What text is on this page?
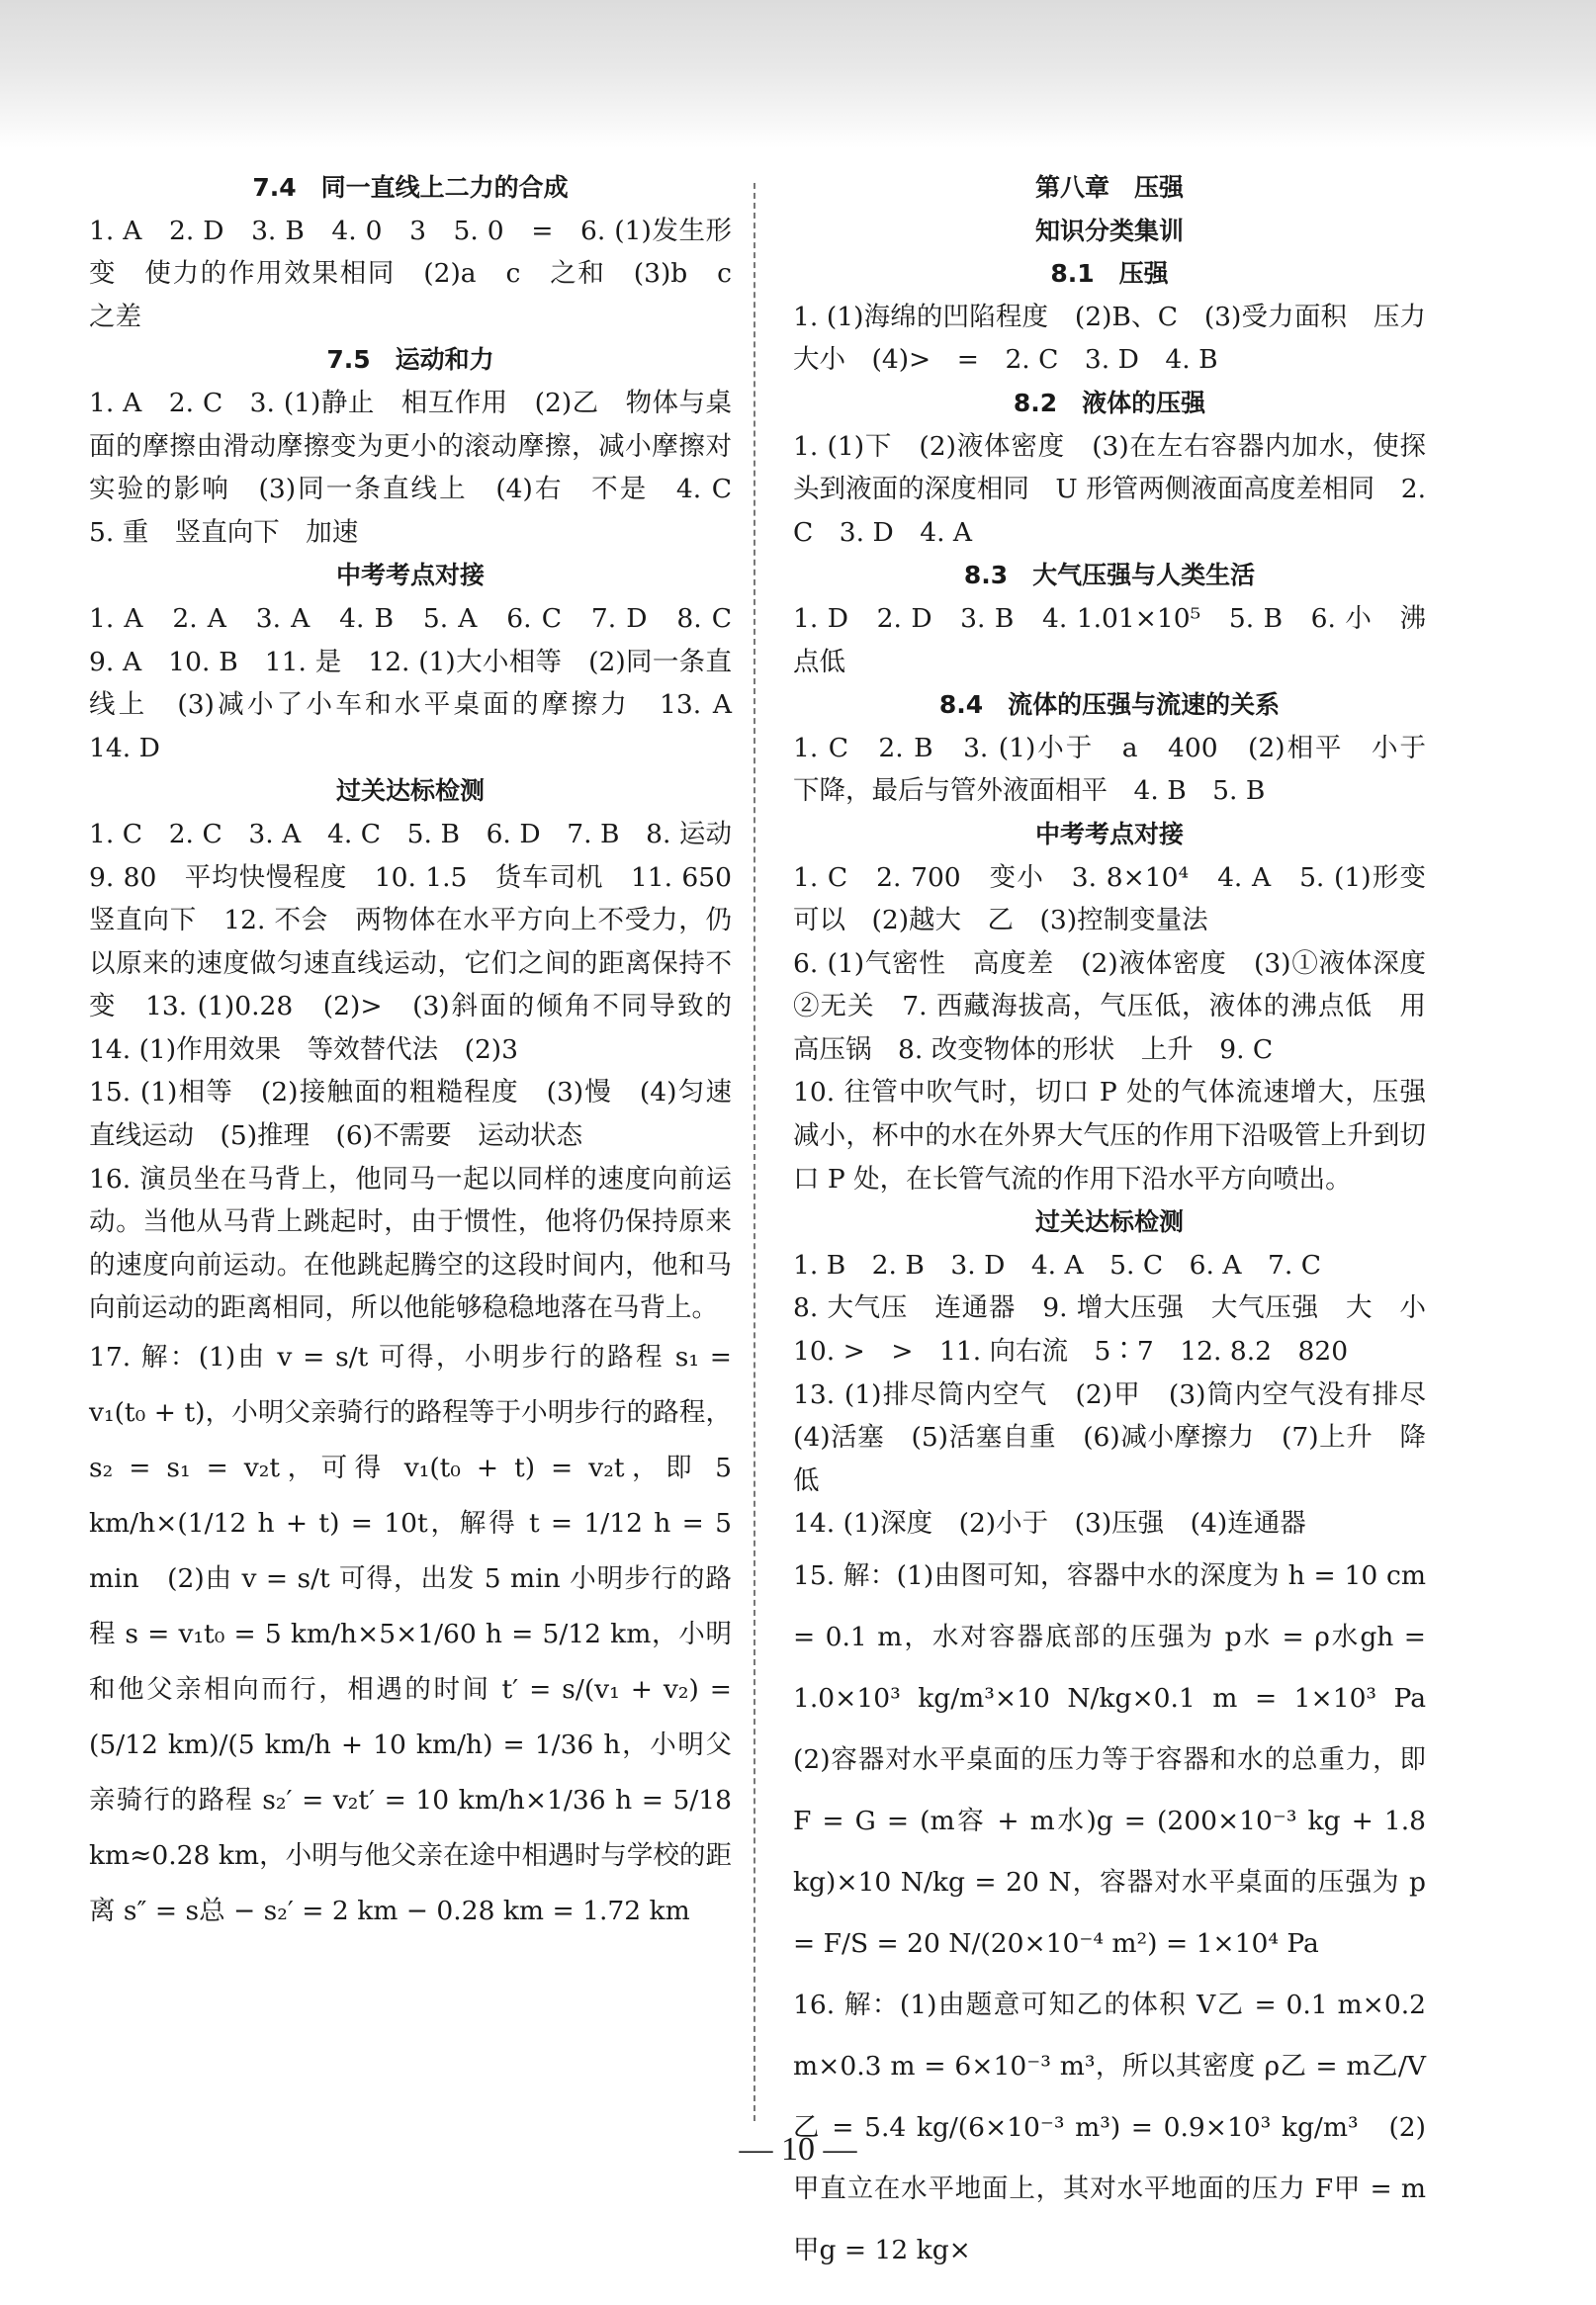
7.4　同一直线上二力的合成
1. A　2. D　3. B　4. 0　3　5. 0　=　6. (1)发生形变　使力的作用效果相同　(2)a　c　之和　(3)b　c　之差
7.5　运动和力
1. A　2. C　3. (1)静止　相互作用　(2)乙　物体与桌面的摩擦由滑动摩擦变为更小的滚动摩擦，减小摩擦对实验的影响　(3)同一条直线上　(4)右　不是　4. C　5. 重　竖直向下　加速
中考考点对接
1. A　2. A　3. A　4. B　5. A　6. C　7. D　8. C　9. A　10. B　11. 是　12. (1)大小相等　(2)同一条直线上　(3)减小了小车和水平桌面的摩擦力　13. A　14. D
过关达标检测
1. C　2. C　3. A　4. C　5. B　6. D　7. B　8. 运动　9. 80　平均快慢程度　10. 1.5　货车司机　11. 650　竖直向下　12. 不会　两物体在水平方向上不受力，仍以原来的速度做匀速直线运动，它们之间的距离保持不变　13. (1)0.28　(2)>　(3)斜面的倾角不同导致的　14. (1)作用效果　等效替代法　(2)3
15. (1)相等　(2)接触面的粗糙程度　(3)慢　(4)匀速直线运动　(5)推理　(6)不需要　运动状态
16. 演员坐在马背上，他同马一起以同样的速度向前运动。当他从马背上跳起时，由于惯性，他将仍保持原来的速度向前运动。在他跳起腾空的这段时间内，他和马向前运动的距离相同，所以他能够稳稳地落在马背上。
17. 解：(1)由 v = s/t 可得，小明步行的路程 s₁ = v₁(t₀ + t)，小明父亲骑行的路程等于小明步行的路程，s₂ = s₁ = v₂t，可得 v₁(t₀ + t) = v₂t，即 5 km/h×(1/12 h + t) = 10t，解得 t = 1/12 h = 5 min　(2)由 v = s/t 可得，出发 5 min 小明步行的路程 s = v₁t₀ = 5 km/h×5×1/60 h = 5/12 km，小明和他父亲相向而行，相遇的时间 t′ = s/(v₁ + v₂) = (5/12 km)/(5 km/h + 10 km/h) = 1/36 h，小明父亲骑行的路程 s₂′ = v₂t′ = 10 km/h×1/36 h = 5/18 km≈0.28 km，小明与他父亲在途中相遇时与学校的距离 s″ = s总 − s₂′ = 2 km − 0.28 km = 1.72 km
第八章　压强
知识分类集训
8.1　压强
1. (1)海绵的凹陷程度　(2)B、C　(3)受力面积　压力大小　(4)>　=　2. C　3. D　4. B
8.2　液体的压强
1. (1)下　(2)液体密度　(3)在左右容器内加水，使探头到液面的深度相同　U 形管两侧液面高度差相同　2. C　3. D　4. A
8.3　大气压强与人类生活
1. D　2. D　3. B　4. 1.01×10⁵　5. B　6. 小　沸点低
8.4　流体的压强与流速的关系
1. C　2. B　3. (1)小于　a　400　(2)相平　小于　下降，最后与管外液面相平　4. B　5. B
中考考点对接
1. C　2. 700　变小　3. 8×10⁴　4. A　5. (1)形变　可以　(2)越大　乙　(3)控制变量法
6. (1)气密性　高度差　(2)液体密度　(3)①液体深度　②无关　7. 西藏海拔高，气压低，液体的沸点低　用高压锅　8. 改变物体的形状　上升　9. C
10. 往管中吹气时，切口 P 处的气体流速增大，压强减小，杯中的水在外界大气压的作用下沿吸管上升到切口 P 处，在长管气流的作用下沿水平方向喷出。
过关达标检测
1. B　2. B　3. D　4. A　5. C　6. A　7. C
8. 大气压　连通器　9. 增大压强　大气压强　大　小　10. >　>　11. 向右流　5∶7　12. 8.2　820
13. (1)排尽筒内空气　(2)甲　(3)筒内空气没有排尽　(4)活塞　(5)活塞自重　(6)减小摩擦力　(7)上升　降低
14. (1)深度　(2)小于　(3)压强　(4)连通器
15. 解：(1)由图可知，容器中水的深度为 h = 10 cm = 0.1 m，水对容器底部的压强为 p水 = ρ水gh = 1.0×10³ kg/m³×10 N/kg×0.1 m = 1×10³ Pa　(2)容器对水平桌面的压力等于容器和水的总重力，即 F = G = (m容 + m水)g = (200×10⁻³ kg + 1.8 kg)×10 N/kg = 20 N，容器对水平桌面的压强为 p = F/S = 20 N/(20×10⁻⁴ m²) = 1×10⁴ Pa
16. 解：(1)由题意可知乙的体积 V乙 = 0.1 m×0.2 m×0.3 m = 6×10⁻³ m³，所以其密度 ρ乙 = m乙/V乙 = 5.4 kg/(6×10⁻³ m³) = 0.9×10³ kg/m³　(2)甲直立在水平地面上，其对水平地面的压力 F甲 = m甲g = 12 kg×
— 10 —
